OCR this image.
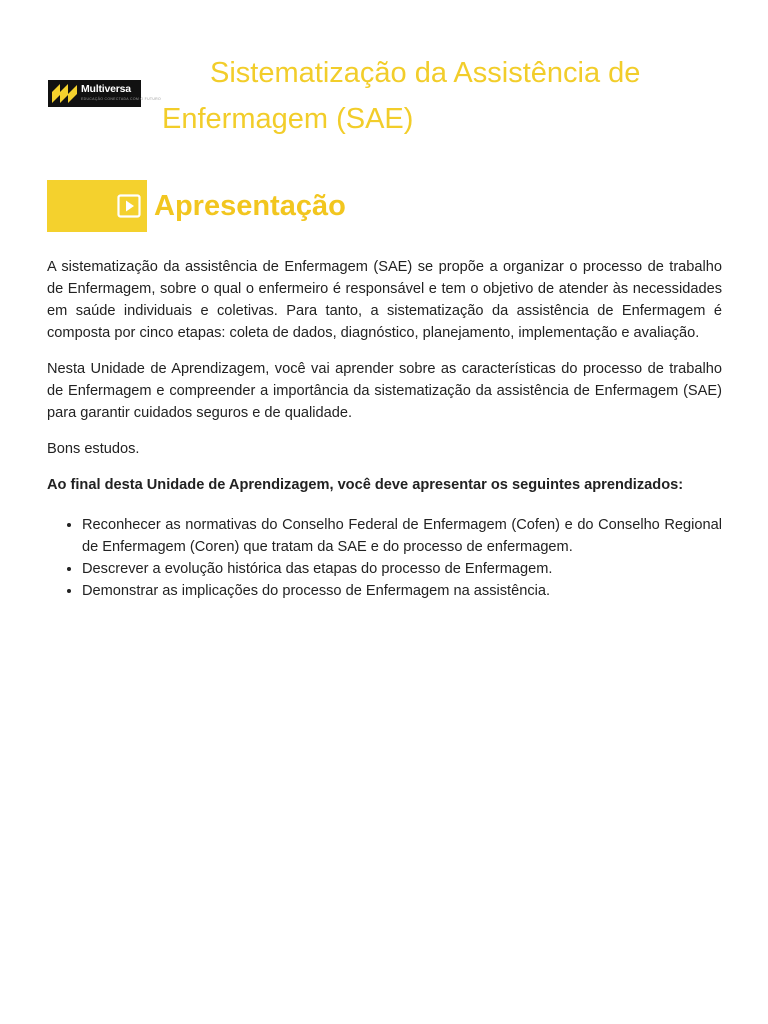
Multiversa
EDUCAÇÃO CONECTADA COM O FUTURO
Sistematização da Assistência de Enfermagem (SAE)
Apresentação

A sistematização da assistência de Enfermagem (SAE) se propõe a organizar o processo de trabalho de Enfermagem, sobre o qual o enfermeiro é responsável e tem o objetivo de atender às necessidades em saúde individuais e coletivas. Para tanto, a sistematização da assistência de Enfermagem é composta por cinco etapas: coleta de dados, diagnóstico, planejamento, implementação e avaliação.

Nesta Unidade de Aprendizagem, você vai aprender sobre as características do processo de trabalho de Enfermagem e compreender a importância da sistematização da assistência de Enfermagem (SAE) para garantir cuidados seguros e de qualidade.

Bons estudos.

Ao final desta Unidade de Aprendizagem, você deve apresentar os seguintes aprendizados:

• Reconhecer as normativas do Conselho Federal de Enfermagem (Cofen) e do Conselho Regional de Enfermagem (Coren) que tratam da SAE e do processo de enfermagem.
• Descrever a evolução histórica das etapas do processo de Enfermagem.
• Demonstrar as implicações do processo de Enfermagem na assistência.
